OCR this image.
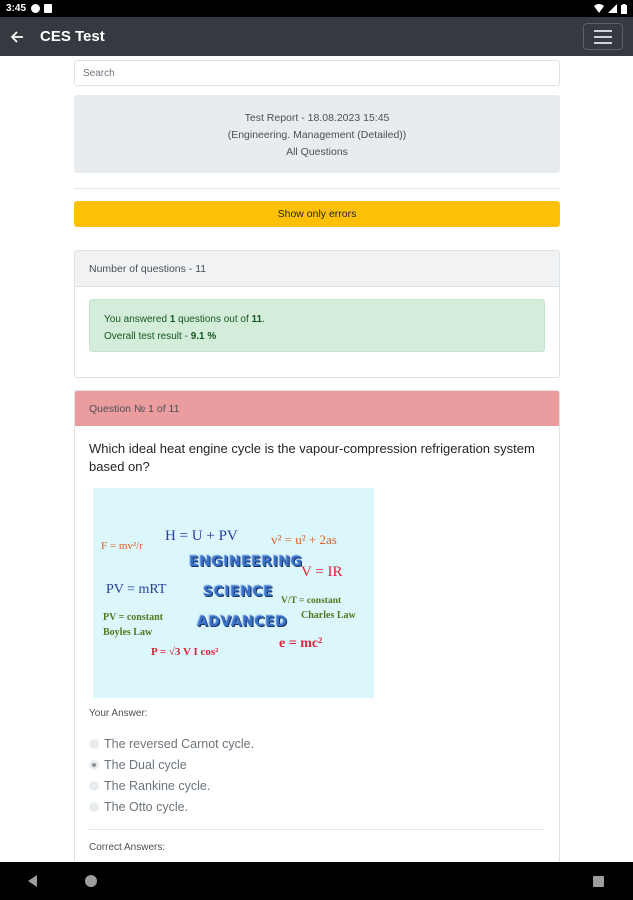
3:45
CES Test
Search
Test Report - 18.08.2023 15:45
(Engineering. Management (Detailed))
All Questions
Show only errors
Number of questions - 11
You answered 1 questions out of 11.
Overall test result - 9.1 %
Question № 1 of 11
Which ideal heat engine cycle is the vapour-compression refrigeration system based on?
F = mv²/r
H = U + PV	v² = u² + 2as
ENGINEERING
PV = mRT
V = IR
SCIENCE
V/T = constant
PV = constant	Charles Law
ADVANCED
Boyles Law
P = √3 V I cos²
e = mc²
Your Answer:
The reversed Carnot cycle.
The Dual cycle
The Rankine cycle.
The Otto cycle.
Correct Answers:
